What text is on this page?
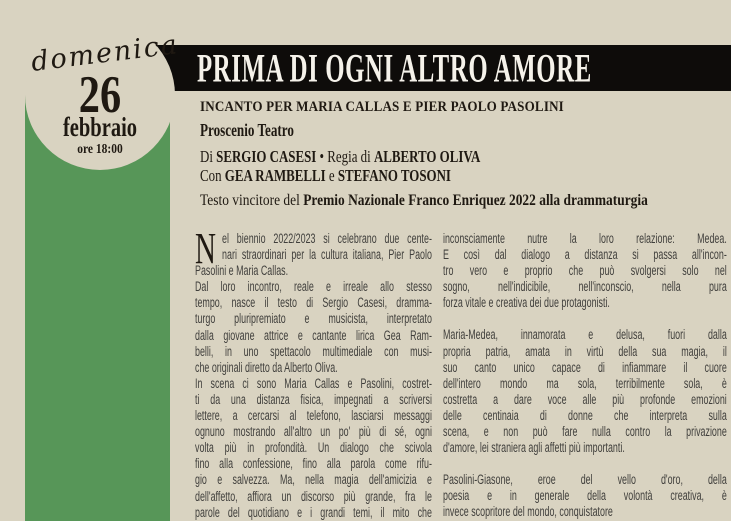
PRIMA DI OGNI ALTRO AMORE
domenica
26
febbraio
ore 18:00
INCANTO PER MARIA CALLAS E PIER PAOLO PASOLINI
Proscenio Teatro
Di SERGIO CASESI • Regia di ALBERTO OLIVA
Con GEA RAMBELLI e STEFANO TOSONI
Testo vincitore del Premio Nazionale Franco Enriquez 2022 alla drammaturgia
el biennio 2022/2023 si celebrano due cente-
nari straordinari per la cultura italiana, Pier Paolo
Pasolini e Maria Callas.
Dal loro incontro, reale e irreale allo stesso
tempo, nasce il testo di Sergio Casesi, dramma-
turgo pluripremiato e musicista, interpretato
dalla giovane attrice e cantante lirica Gea Ram-
belli, in uno spettacolo multimediale con musi-
che originali diretto da Alberto Oliva.
In scena ci sono Maria Callas e Pasolini, costret-
ti da una distanza fisica, impegnati a scriversi
lettere, a cercarsi al telefono, lasciarsi messaggi
ognuno mostrando all'altro un po' più di sé, ogni
volta più in profondità. Un dialogo che scivola
fino alla confessione, fino alla parola come rifu-
gio e salvezza. Ma, nella magia dell'amicizia e
dell'affetto, affiora un discorso più grande, fra le
parole del quotidiano e i grandi temi, il mito che
N	inconsciamente nutre la loro relazione: Medea.
E così dal dialogo a distanza si passa all'incon-
tro vero e proprio che può svolgersi solo nel
sogno, nell'indicibile, nell'inconscio, nella pura
forza vitale e creativa dei due protagonisti.
Maria-Medea, innamorata e delusa, fuori dalla
propria patria, amata in virtù della sua magia, il
suo canto unico capace di infiammare il cuore
dell'intero mondo ma sola, terribilmente sola, è
costretta a dare voce alle più profonde emozioni
delle centinaia di donne che interpreta sulla
scena, e non può fare nulla contro la privazione
d'amore, lei straniera agli affetti più importanti.
Pasolini-Giasone, eroe del vello d'oro, della
poesia e in generale della volontà creativa, è
invece scopritore del mondo, conquistatore
